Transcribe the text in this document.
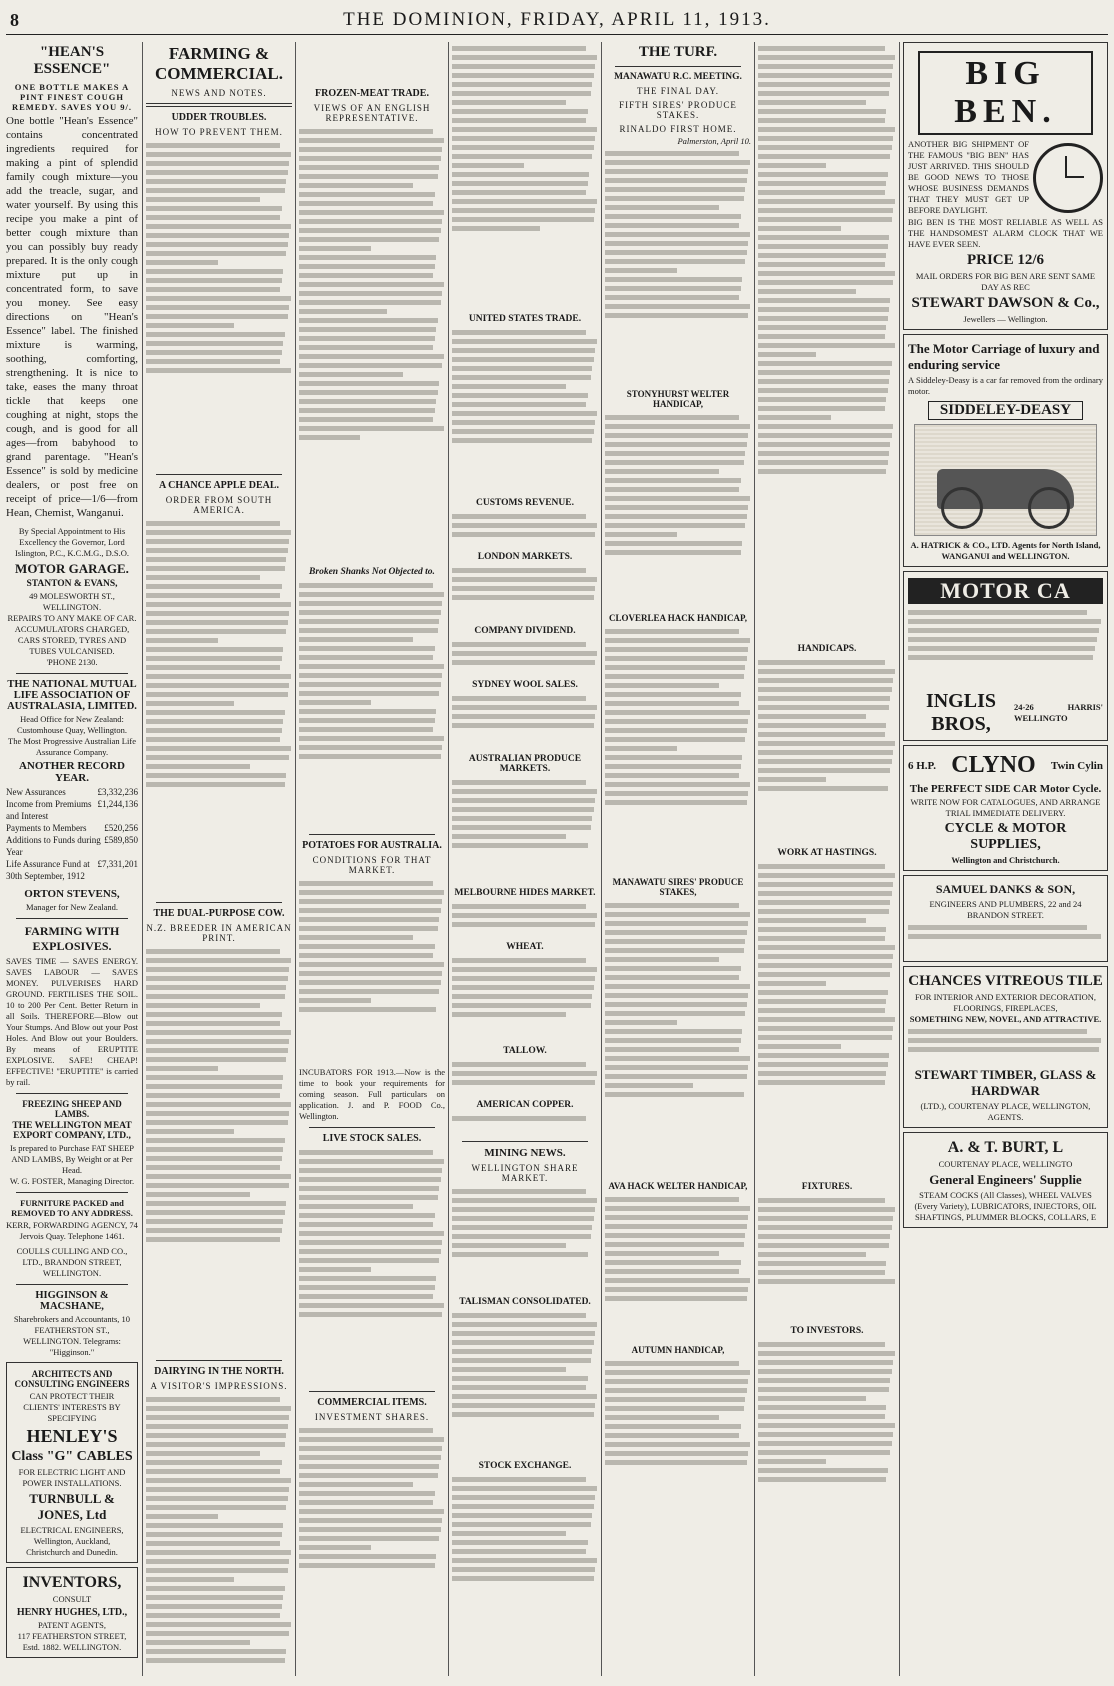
8	THE DOMINION, FRIDAY, APRIL 11, 1913.
"HEAN'S ESSENCE"
ONE BOTTLE MAKES A PINT FINEST COUGH REMEDY. SAVES YOU 9/.
One bottle "Hean's Essence" contains concentrated ingredients required for making a pint of splendid family cough mixture—you add the treacle, sugar, and water yourself. By using this recipe you make a pint of better cough mixture than you can possibly buy ready prepared. It is the only cough mixture put up in concentrated form, to save you money. See easy directions on "Hean's Essence" label. The finished mixture is warming, soothing, comforting, strengthening. It is nice to take, eases the many throat tickle that keeps one coughing at night, stops the cough, and is good for all ages—from babyhood to grand parentage. "Hean's Essence" is sold by medicine dealers, or post free on receipt of price—1/6—from Hean, Chemist, Wanganui.
By Special Appointment to His Excellency the Governor, Lord Islington, P.C., K.C.M.G., D.S.O.
MOTOR GARAGE.
STANTON & EVANS,
49 MOLESWORTH ST., WELLINGTON.
REPAIRS TO ANY MAKE OF CAR.
ACCUMULATORS CHARGED, CARS STORED, TYRES AND TUBES VULCANISED.
'PHONE 2130.
THE NATIONAL MUTUAL LIFE ASSOCIATION OF AUSTRALASIA, LIMITED.
Head Office for New Zealand: Customhouse Quay, Wellington.
The Most Progressive Australian Life Assurance Company.
ANOTHER RECORD YEAR.
New Assurances	£3,332,236
Income from Premiums and Interest
£1,244,136
Payments to Members £520,256
Additions to Funds during Year
£589,850
Life Assurance Fund at 30th September, 1912
£7,331,201
ORTON STEVENS,
Manager for New Zealand.
FARMING WITH EXPLOSIVES.
SAVES TIME — SAVES ENERGY. SAVES LABOUR — SAVES MONEY. PULVERISES HARD GROUND. FERTILISES THE SOIL. 10 to 200 Per Cent. Better Return in all Soils. THEREFORE—Blow out Your Stumps. And Blow out your Post Holes. And Blow out your Boulders. By means of ERUPTITE EXPLOSIVE. SAFE! CHEAP! EFFECTIVE! "ERUPTITE" is carried by rail.
FREEZING SHEEP AND LAMBS.
THE WELLINGTON MEAT EXPORT COMPANY, LTD.,
Is prepared to Purchase FAT SHEEP AND LAMBS, By Weight or at Per Head.
W. G. FOSTER, Managing Director.
FURNITURE PACKED and REMOVED TO ANY ADDRESS.
KERR, FORWARDING AGENCY, 74 Jervois Quay. Telephone 1461.
COULLS CULLING AND CO., LTD., BRANDON STREET, WELLINGTON.
HIGGINSON & MACSHANE,
Sharebrokers and Accountants, 10 FEATHERSTON ST., WELLINGTON. Telegrams: "Higginson."
ARCHITECTS AND CONSULTING ENGINEERS
CAN PROTECT THEIR CLIENTS' INTERESTS BY SPECIFYING
HENLEY'S
Class "G" CABLES
FOR ELECTRIC LIGHT AND POWER INSTALLATIONS.
TURNBULL & JONES, Ltd
ELECTRICAL ENGINEERS,
Wellington, Auckland, Christchurch and Dunedin.
INVENTORS,
CONSULT
HENRY HUGHES, LTD.,
PATENT AGENTS,
117 FEATHERSTON STREET, Estd. 1882. WELLINGTON.
FARMING & COMMERCIAL.
NEWS AND NOTES.
UDDER TROUBLES.
HOW TO PREVENT THEM.
A CHANCE APPLE DEAL.
ORDER FROM SOUTH AMERICA.
THE DUAL-PURPOSE COW.
N.Z. BREEDER IN AMERICAN PRINT.
DAIRYING IN THE NORTH.
A VISITOR'S IMPRESSIONS.
FROZEN-MEAT TRADE.
VIEWS OF AN ENGLISH REPRESENTATIVE.
Broken Shanks Not Objected to.
POTATOES FOR AUSTRALIA.
CONDITIONS FOR THAT MARKET.
INCUBATORS FOR 1913.—Now is the time to book your requirements for coming season. Full particulars on application. J. and P. FOOD Co., Wellington.
LIVE STOCK SALES.
COMMERCIAL ITEMS.
INVESTMENT SHARES.
UNITED STATES TRADE.
CUSTOMS REVENUE.
LONDON MARKETS.
COMPANY DIVIDEND.
SYDNEY WOOL SALES.
AUSTRALIAN PRODUCE MARKETS.
MELBOURNE HIDES MARKET.
WHEAT.
TALLOW.
AMERICAN COPPER.
MINING NEWS.
WELLINGTON SHARE MARKET.
TALISMAN CONSOLIDATED.
STOCK EXCHANGE.
THE TURF.
MANAWATU R.C. MEETING.
THE FINAL DAY.
FIFTH SIRES' PRODUCE STAKES.
RINALDO FIRST HOME.
Palmerston, April 10.
STONYHURST WELTER HANDICAP,
CLOVERLEA HACK HANDICAP,
MANAWATU SIRES' PRODUCE STAKES,
AVA HACK WELTER HANDICAP,
AUTUMN HANDICAP,
HANDICAPS.
WORK AT HASTINGS.
FIXTURES.
TO INVESTORS.
BIG BEN.
ANOTHER BIG SHIPMENT OF THE FAMOUS "BIG BEN" HAS JUST ARRIVED. THIS SHOULD BE GOOD NEWS TO THOSE WHOSE BUSINESS DEMANDS THAT THEY MUST GET UP BEFORE DAYLIGHT.
BIG BEN IS THE MOST RELIABLE AS WELL AS THE HANDSOMEST ALARM CLOCK THAT WE HAVE EVER SEEN.
PRICE 12/6
MAIL ORDERS FOR BIG BEN ARE SENT SAME DAY AS REC
STEWART DAWSON & Co.,
Jewellers — Wellington.
The Motor Carriage of luxury and enduring service
A Siddeley-Deasy is a car far removed from the ordinary motor.
SIDDELEY-DEASY
A. HATRICK & CO., LTD. Agents for North Island, WANGANUI and WELLINGTON.
MOTOR CA
INGLIS BROS,
24-26 HARRIS' WELLINGTO
6 H.P. CLYNO Twin Cylin
The PERFECT SIDE CAR Motor Cycle.
WRITE NOW FOR CATALOGUES, AND ARRANGE TRIAL IMMEDIATE DELIVERY.
CYCLE & MOTOR SUPPLIES,
Wellington and Christchurch.
SAMUEL DANKS & SON,
ENGINEERS AND PLUMBERS, 22 and 24 BRANDON STREET.
CHANCES VITREOUS TILE
FOR INTERIOR AND EXTERIOR DECORATION, FLOORINGS, FIREPLACES,
SOMETHING NEW, NOVEL, AND ATTRACTIVE.
STEWART TIMBER, GLASS & HARDWAR
(LTD.), COURTENAY PLACE, WELLINGTON, AGENTS.
A. & T. BURT, L
COURTENAY PLACE, WELLINGTO
General Engineers' Supplie
STEAM COCKS (All Classes), WHEEL VALVES (Every Variety), LUBRICATORS, INJECTORS, OIL SHAFTINGS, PLUMMER BLOCKS, COLLARS, E
